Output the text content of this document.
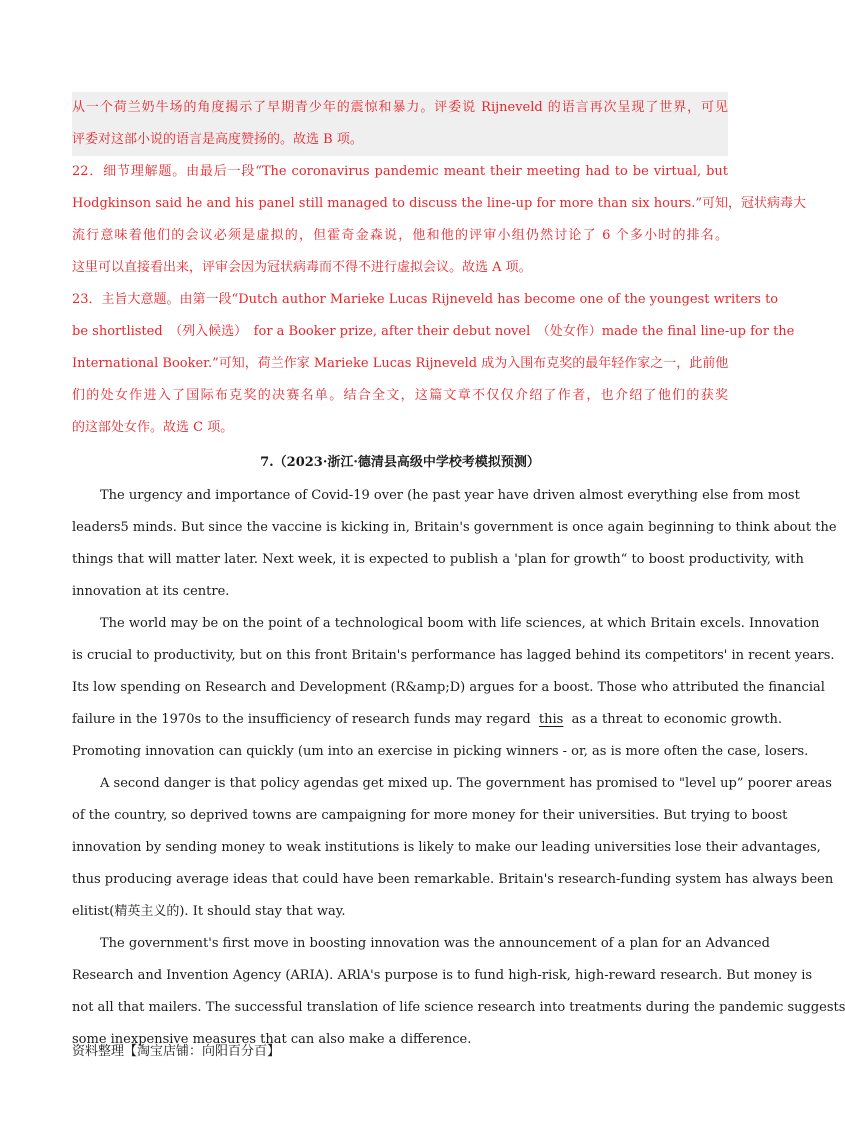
从一个荷兰奶牛场的角度揭示了早期青少年的震惊和暴力。评委说 Rijneveld 的语言再次呈现了世界，可见
评委对这部小说的语言是高度赞扬的。故选 B 项。
22．细节理解题。由最后一段“The coronavirus pandemic meant their meeting had to be virtual, but
Hodgkinson said he and his panel still managed to discuss the line-up for more than six hours.”可知，冠状病毒大
流行意味着他们的会议必须是虚拟的，但霍奇金森说，他和他的评审小组仍然讨论了 6 个多小时的排名。
这里可以直接看出来，评审会因为冠状病毒而不得不进行虚拟会议。故选 A 项。
23．主旨大意题。由第一段“Dutch author Marieke Lucas Rijneveld has become one of the youngest writers to
be shortlisted　（列入候选）　for a Booker prize, after their debut novel　（处女作）made the final line-up for the
International Booker.”可知，荷兰作家 Marieke Lucas Rijneveld 成为入围布克奖的最年轻作家之一，此前他
们的处女作进入了国际布克奖的决赛名单。结合全文，这篇文章不仅仅介绍了作者，也介绍了他们的获奖
的这部处女作。故选 C 项。
7.（2023·浙江·德清县高级中学校考模拟预测）
The urgency and importance of Covid-19 over (he past year have driven almost everything else from most
leaders5 minds. But since the vaccine is kicking in, Britain's government is once again beginning to think about the
things that will matter later. Next week, it is expected to publish a 'plan for growth“ to boost productivity, with
innovation at its centre.
The world may be on the point of a technological boom with life sciences, at which Britain excels. Innovation
is crucial to productivity, but on this front Britain's performance has lagged behind its competitors' in recent years.
Its low spending on Research and Development (R&amp;D) argues for a boost. Those who attributed the financial
failure in the 1970s to the insufficiency of research funds may regard this as a threat to economic growth.
Promoting innovation can quickly (um into an exercise in picking winners - or, as is more often the case, losers.
A second danger is that policy agendas get mixed up. The government has promised to "level up” poorer areas
of the country, so deprived towns are campaigning for more money for their universities. But trying to boost
innovation by sending money to weak institutions is likely to make our leading universities lose their advantages,
thus producing average ideas that could have been remarkable. Britain's research-funding system has always been
elitist(精英主义的). It should stay that way.
The government's first move in boosting innovation was the announcement of a plan for an Advanced
Research and Invention Agency (ARIA). ARlA's purpose is to fund high-risk, high-reward research. But money is
not all that mailers. The successful translation of life science research into treatments during the pandemic suggests
some inexpensive measures that can also make a difference.
资料整理【淘宝店铺：向阳百分百】
